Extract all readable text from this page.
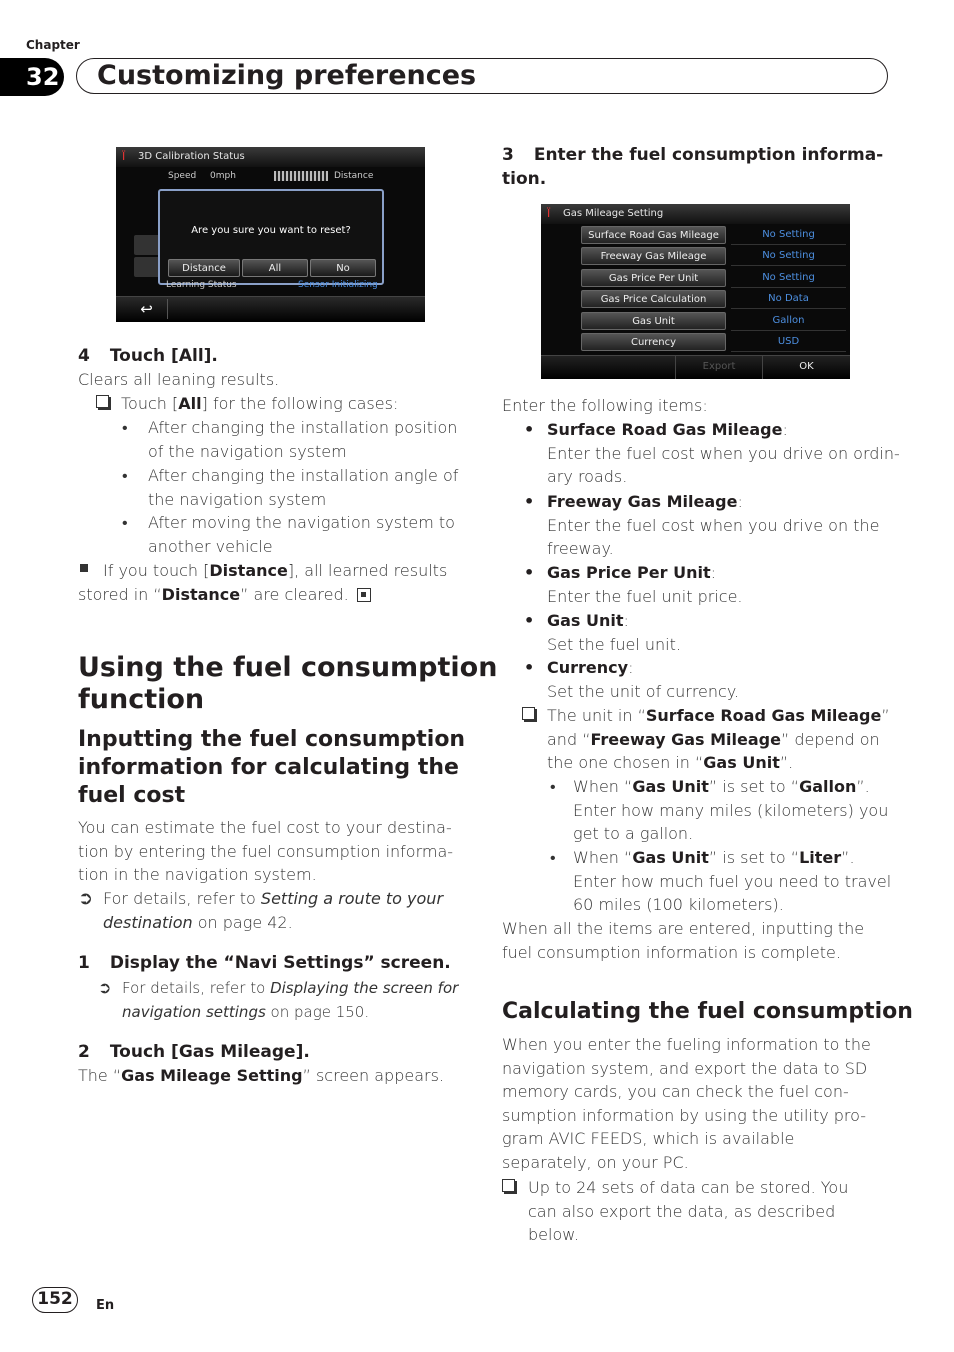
Chapter
32	Customizing preferences
3D Calibration Status
Ï
Speed 0mph	Distance
Are you sure you want to reset?
Distance	All	No
Learning Status	Sensor Initializing
↩
4 Touch [All].
Clears all leaning results.
Touch [All] for the following cases:
• After changing the installation position
of the navigation system
• After changing the installation angle of
the navigation system
• After moving the navigation system to
another vehicle
If you touch [Distance], all learned results
stored in “Distance” are cleared.
Using the fuel consumption
function
Inputting the fuel consumption
information for calculating the
fuel cost
You can estimate the fuel cost to your destina-
tion by entering the fuel consumption informa-
tion in the navigation system.
➲ For details, refer to Setting a route to your
destination on page 42.
1 Display the “Navi Settings” screen.
➲ For details, refer to Displaying the screen for
navigation settings on page 150.
2 Touch [Gas Mileage].
The “Gas Mileage Setting” screen appears.
3 Enter the fuel consumption informa-
tion.
Gas Mileage Setting
Ï
Surface Road Gas Mileage	No Setting
Freeway Gas Mileage	No Setting
Gas Price Per Unit	No Setting
Gas Price Calculation	No Data
Gas Unit	Gallon
Currency	USD
Export	OK
Enter the following items:
• Surface Road Gas Mileage:
Enter the fuel cost when you drive on ordin-
ary roads.
• Freeway Gas Mileage:
Enter the fuel cost when you drive on the
freeway.
• Gas Price Per Unit:
Enter the fuel unit price.
• Gas Unit:
Set the fuel unit.
• Currency:
Set the unit of currency.
The unit in “Surface Road Gas Mileage”
and “Freeway Gas Mileage” depend on
the one chosen in “Gas Unit”.
• When “Gas Unit” is set to “Gallon”.
Enter how many miles (kilometers) you
get to a gallon.
• When “Gas Unit” is set to “Liter”.
Enter how much fuel you need to travel
60 miles (100 kilometers).
When all the items are entered, inputting the
fuel consumption information is complete.
Calculating the fuel consumption
When you enter the fueling information to the
navigation system, and export the data to SD
memory cards, you can check the fuel con-
sumption information by using the utility pro-
gram AVIC FEEDS, which is available
separately, on your PC.
Up to 24 sets of data can be stored. You
can also export the data, as described
below.
152	En
